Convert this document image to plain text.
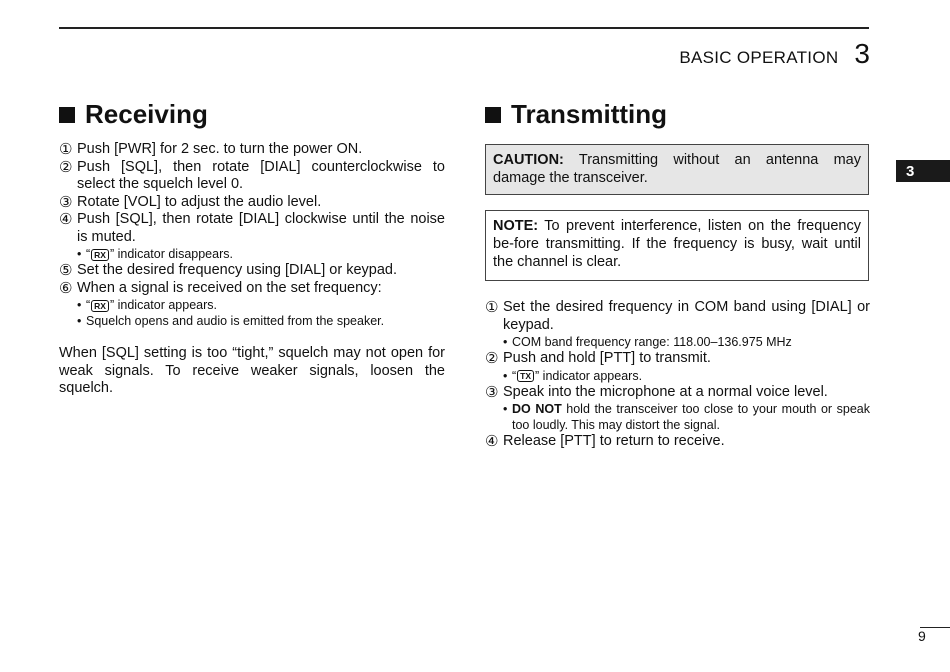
BASIC OPERATION 3
3
Receiving
① Push [PWR] for 2 sec. to turn the power ON.
② Push [SQL], then rotate [DIAL] counterclockwise to select the squelch level 0.
③ Rotate [VOL] to adjust the audio level.
④ Push [SQL], then rotate [DIAL] clockwise until the noise is muted.
• “ RX ” indicator disappears.
⑤ Set the desired frequency using [DIAL] or keypad.
⑥ When a signal is received on the set frequency:
• “ RX ” indicator appears.
• Squelch opens and audio is emitted from the speaker.
When [SQL] setting is too “tight,” squelch may not open for weak signals. To receive weaker signals, loosen the squelch.
Transmitting
CAUTION: Transmitting without an antenna may damage the transceiver.
NOTE: To prevent interference, listen on the frequency be-fore transmitting. If the frequency is busy, wait until the channel is clear.
① Set the desired frequency in COM band using [DIAL] or keypad.
• COM band frequency range: 118.00–136.975 MHz
② Push and hold [PTT] to transmit.
• “ TX ” indicator appears.
③ Speak into the microphone at a normal voice level.
• DO NOT hold the transceiver too close to your mouth or speak too loudly. This may distort the signal.
④ Release [PTT] to return to receive.
9
